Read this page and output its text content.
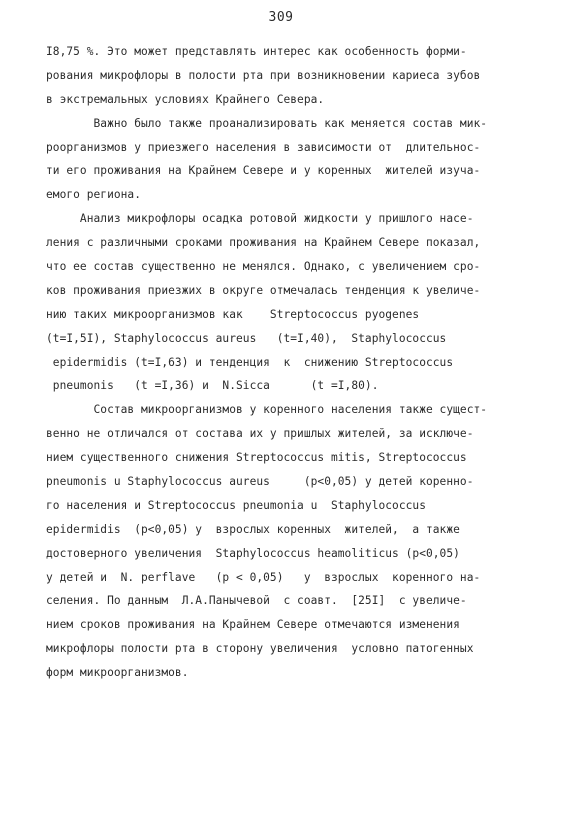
309
I8,75 %. Это может представлять интерес как особенность форми-
рования микрофлоры в полости рта при возникновении кариеса зубов
в экстремальных условиях Крайнего Севера.
Важно было также проанализировать как меняется состав мик-
роорганизмов у приезжего населения в зависимости от  длительнос-
ти его проживания на Крайнем Севере и у коренных  жителей изуча-
емого региона.
Анализ микрофлоры осадка ротовой жидкости у пришлого насе-
ления с различными сроками проживания на Крайнем Севере показал,
что ее состав существенно не менялся. Однако, с увеличением сро-
ков проживания приезжих в округе отмечалась тенденция к увеличе-
нию таких микроорганизмов как    Streptococcus pyogenes
(t=I,5I), Staphylococcus aureus   (t=I,40),  Staphylococcus
epidermidis (t=I,63) и тенденция  к  снижению Streptococcus
pneumonis   (t =I,36) и  N.Sicca      (t =I,80).
Состав микроорганизмов у коренного населения также сущест-
венно не отличался от состава их у пришлых жителей, за исключе-
нием существенного снижения Streptococcus mitis, Streptococcus
pneumonis u Staphylococcus aureus     (p<0,05) у детей коренно-
го населения и Streptococcus pneumonia u  Staphylococcus
epidermidis  (p<0,05) у  взрослых коренных  жителей,  а также
достоверного увеличения  Staphylococcus heamoliticus (p<0,05)
у детей и  N. perflave   (p < 0,05)   у  взрослых  коренного на-
селения. По данным  Л.А.Панычевой  с соавт.  [25I]  с увеличе-
нием сроков проживания на Крайнем Севере отмечаются изменения
микрофлоры полости рта в сторону увеличения  условно патогенных
форм микроорганизмов.
